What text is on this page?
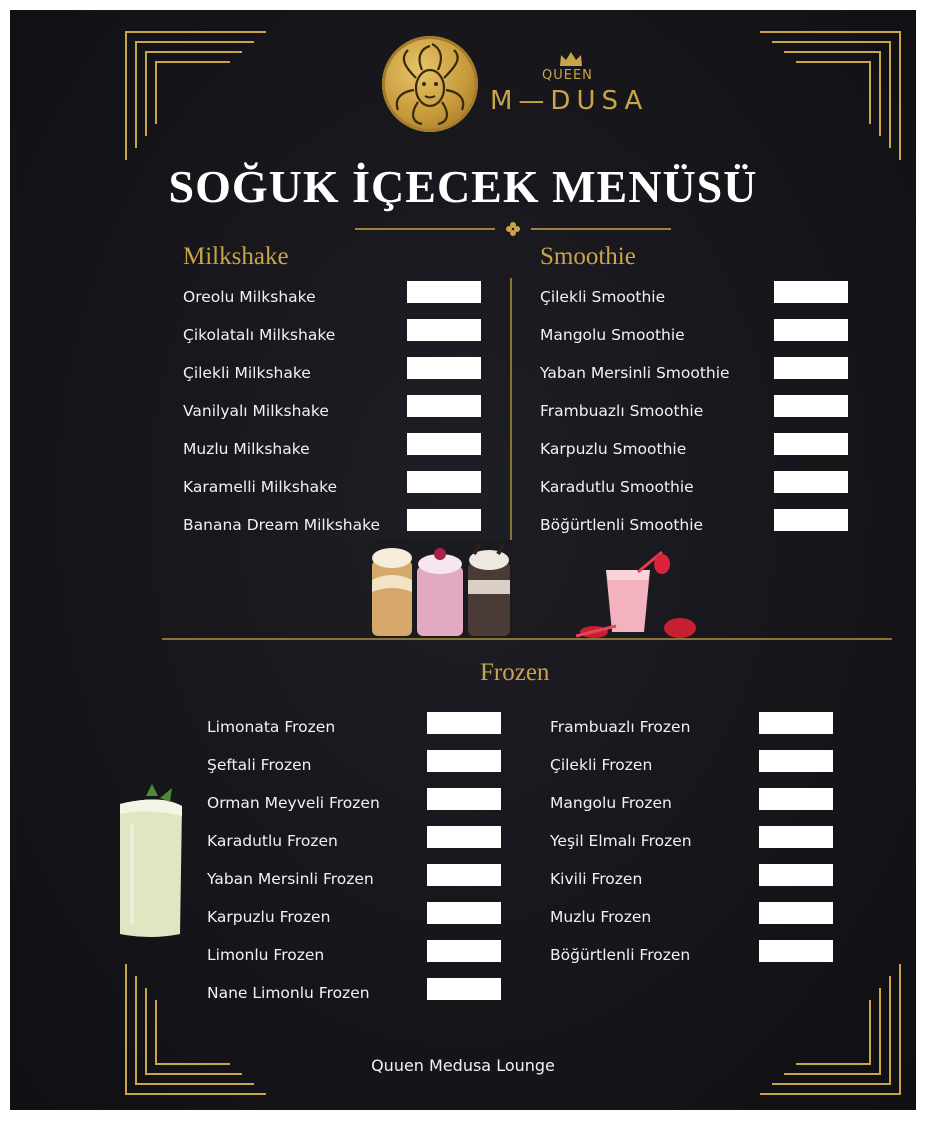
QUEEN
M—DUSA
SOĞUK İÇECEK MENÜSÜ
Milkshake
Oreolu Milkshake
Çikolatalı Milkshake
Çilekli Milkshake
Vanilyalı Milkshake
Muzlu Milkshake
Karamelli Milkshake
Banana Dream Milkshake
Smoothie
Çilekli Smoothie
Mangolu Smoothie
Yaban Mersinli Smoothie
Frambuazlı Smoothie
Karpuzlu Smoothie
Karadutlu Smoothie
Böğürtlenli Smoothie
Frozen
Limonata Frozen
Şeftali Frozen
Orman Meyveli Frozen
Karadutlu Frozen
Yaban Mersinli Frozen
Karpuzlu Frozen
Limonlu Frozen
Nane Limonlu Frozen
Frambuazlı Frozen
Çilekli Frozen
Mangolu Frozen
Yeşil Elmalı Frozen
Kivili Frozen
Muzlu Frozen
Böğürtlenli Frozen
Quuen Medusa Lounge
